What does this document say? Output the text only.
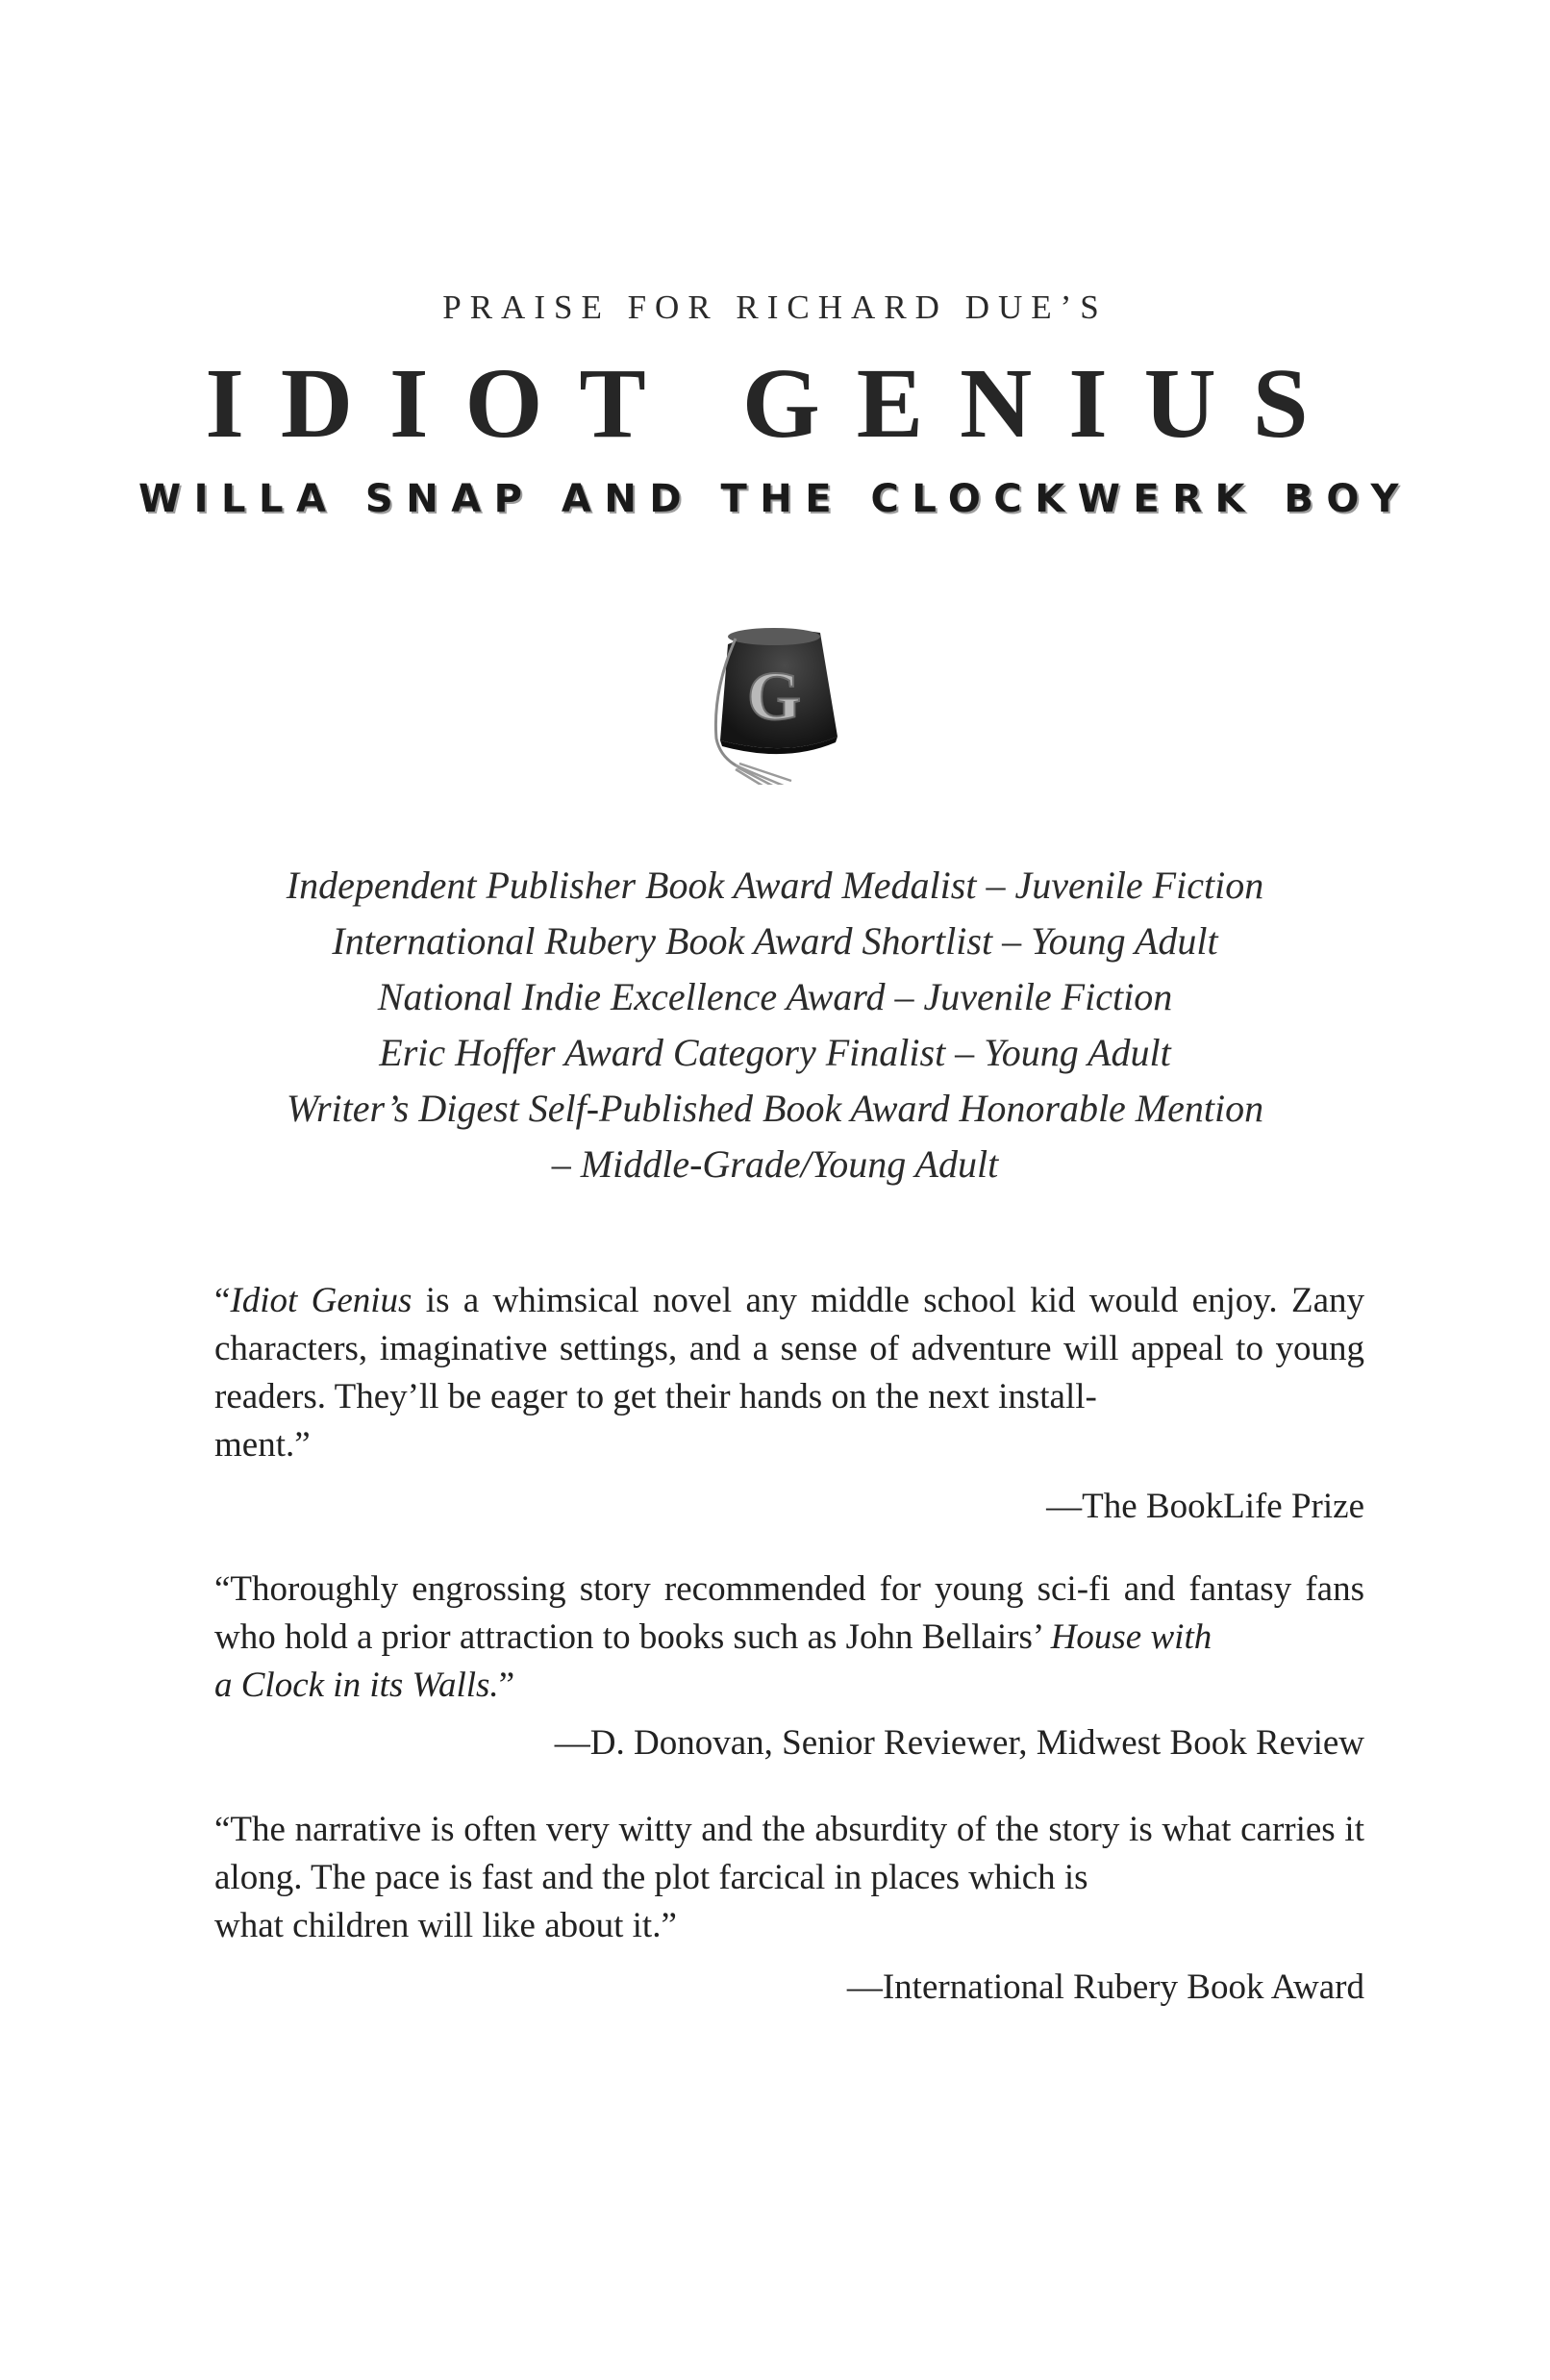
PRAISE FOR RICHARD DUE’S
IDIOT GENIUS
WILLA SNAP AND THE CLOCKWERK BOY
G
Independent Publisher Book Award Medalist – Juvenile Fiction
International Rubery Book Award Shortlist – Young Adult
National Indie Excellence Award – Juvenile Fiction
Eric Hoffer Award Category Finalist – Young Adult
Writer’s Digest Self-Published Book Award Honorable Mention
– Middle-Grade/Young Adult
“Idiot Genius is a whimsical novel any middle school kid would enjoy. Zany characters, imaginative settings, and a sense of adventure will appeal to young readers. They’ll be eager to get their hands on the next install-
ment.”
—The BookLife Prize
“Thoroughly engrossing story recommended for young sci-fi and fantasy fans who hold a prior attraction to books such as John Bellairs’ House with
a Clock in its Walls.”
—D. Donovan, Senior Reviewer, Midwest Book Review
“The narrative is often very witty and the absurdity of the story is what carries it along. The pace is fast and the plot farcical in places which is
what children will like about it.”
—International Rubery Book Award
